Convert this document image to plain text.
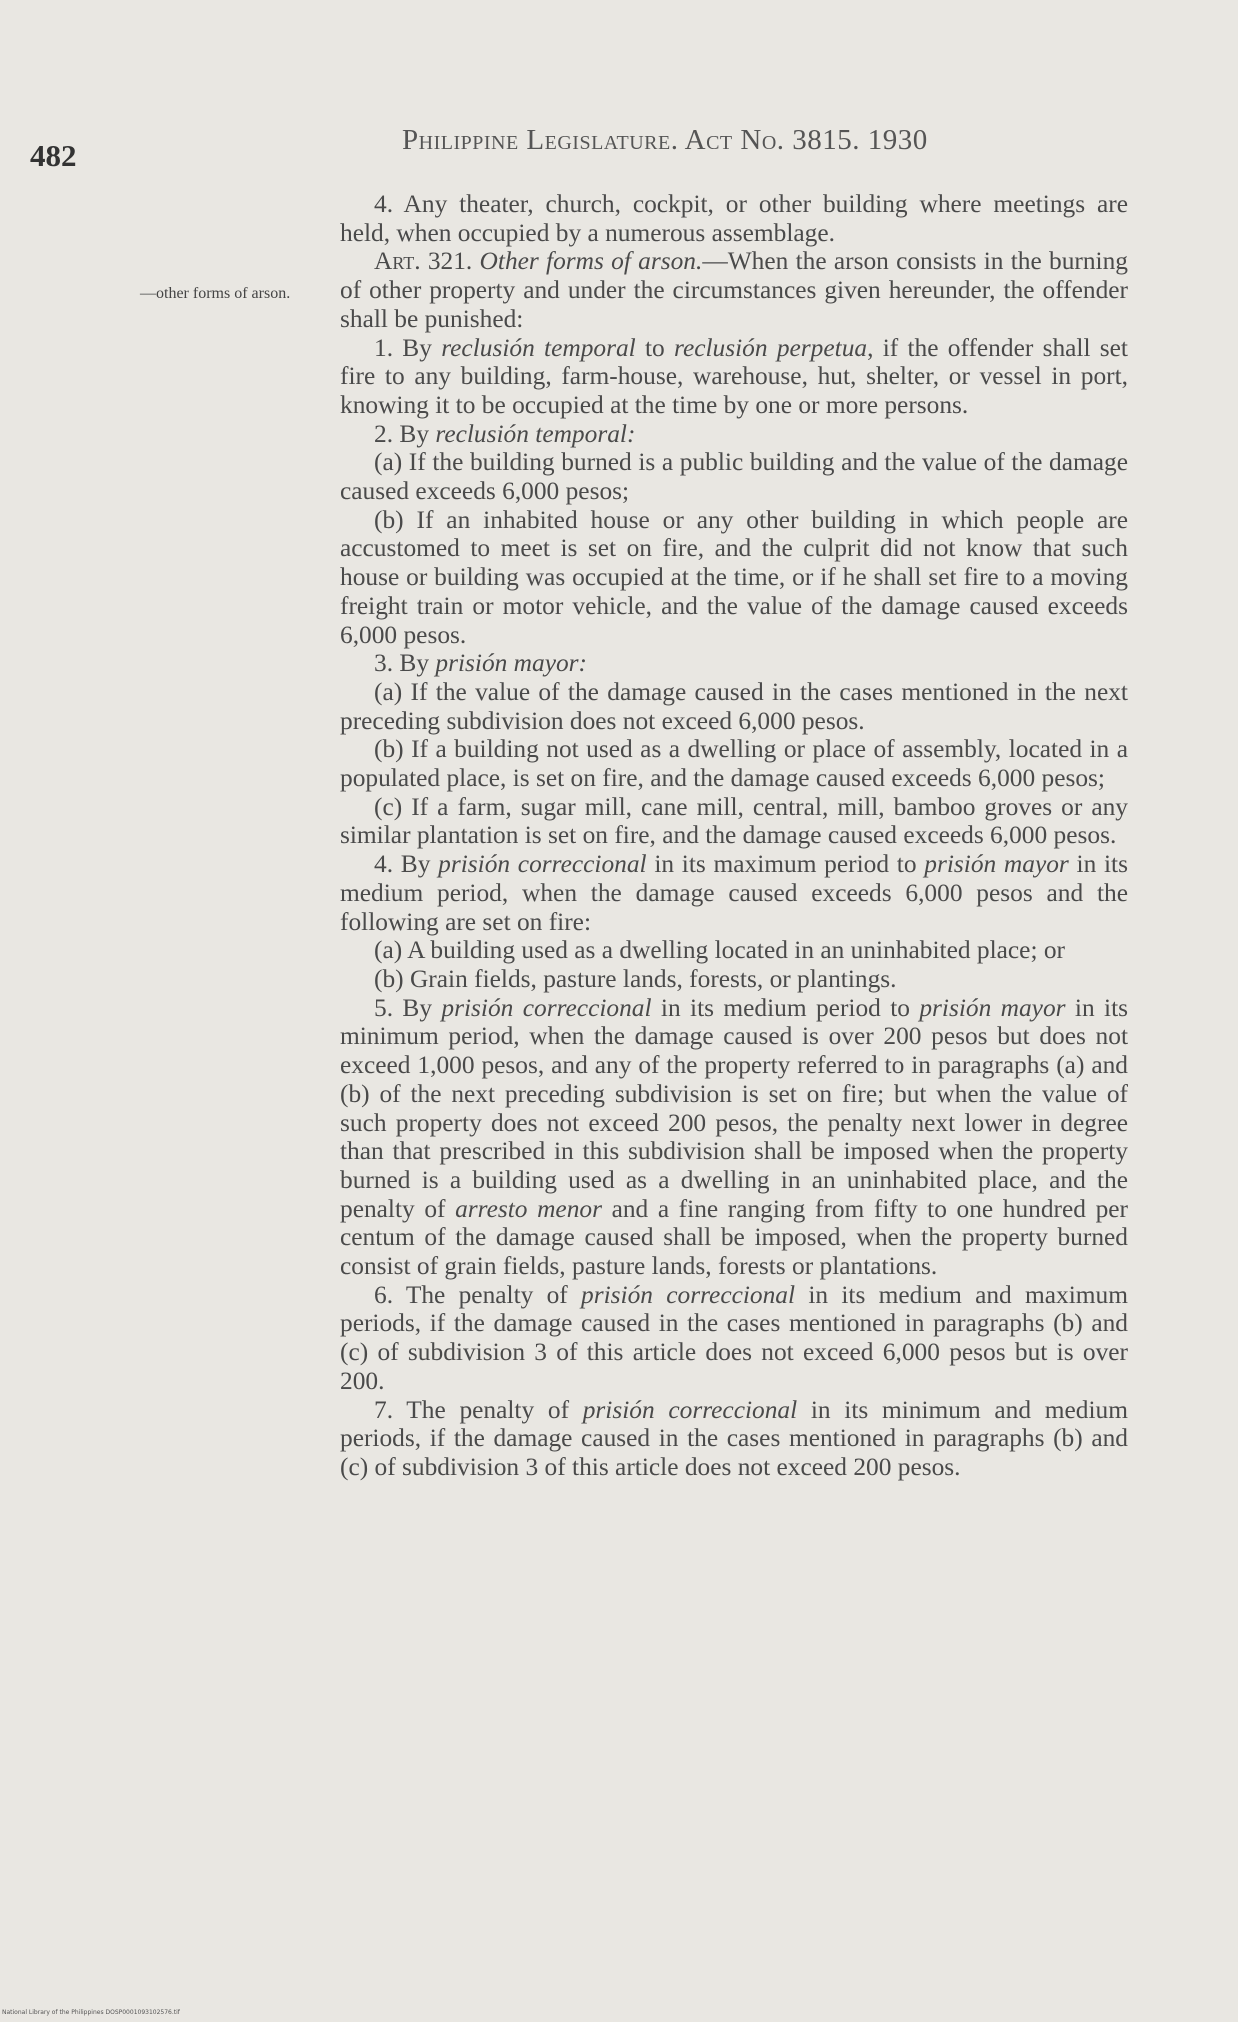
482	Philippine Legislature. Act No. 3815. 1930
—other forms of arson.

4. Any theater, church, cockpit, or other building where meetings are held, when occupied by a numerous assemblage.

Art. 321. Other forms of arson.—When the arson consists in the burning of other property and under the circumstances given hereunder, the offender shall be punished:

1. By reclusión temporal to reclusión perpetua, if the offender shall set fire to any building, farm-house, warehouse, hut, shelter, or vessel in port, knowing it to be occupied at the time by one or more persons.

2. By reclusión temporal:

(a) If the building burned is a public building and the value of the damage caused exceeds 6,000 pesos;

(b) If an inhabited house or any other building in which people are accustomed to meet is set on fire, and the culprit did not know that such house or building was occupied at the time, or if he shall set fire to a moving freight train or motor vehicle, and the value of the damage caused exceeds 6,000 pesos.

3. By prisión mayor:

(a) If the value of the damage caused in the cases mentioned in the next preceding subdivision does not exceed 6,000 pesos.

(b) If a building not used as a dwelling or place of assembly, located in a populated place, is set on fire, and the damage caused exceeds 6,000 pesos;

(c) If a farm, sugar mill, cane mill, central, mill, bamboo groves or any similar plantation is set on fire, and the damage caused exceeds 6,000 pesos.

4. By prisión correccional in its maximum period to prisión mayor in its medium period, when the damage caused exceeds 6,000 pesos and the following are set on fire:

(a) A building used as a dwelling located in an uninhabited place; or

(b) Grain fields, pasture lands, forests, or plantings.

5. By prisión correccional in its medium period to prisión mayor in its minimum period, when the damage caused is over 200 pesos but does not exceed 1,000 pesos, and any of the property referred to in paragraphs (a) and (b) of the next preceding subdivision is set on fire; but when the value of such property does not exceed 200 pesos, the penalty next lower in degree than that prescribed in this subdivision shall be imposed when the property burned is a building used as a dwelling in an uninhabited place, and the penalty of arresto menor and a fine ranging from fifty to one hundred per centum of the damage caused shall be imposed, when the property burned consist of grain fields, pasture lands, forests or plantations.

6. The penalty of prisión correccional in its medium and maximum periods, if the damage caused in the cases mentioned in paragraphs (b) and (c) of subdivision 3 of this article does not exceed 6,000 pesos but is over 200.

7. The penalty of prisión correccional in its minimum and medium periods, if the damage caused in the cases mentioned in paragraphs (b) and (c) of subdivision 3 of this article does not exceed 200 pesos.

National Library of the Philippines DOSP0001093102576.tif
